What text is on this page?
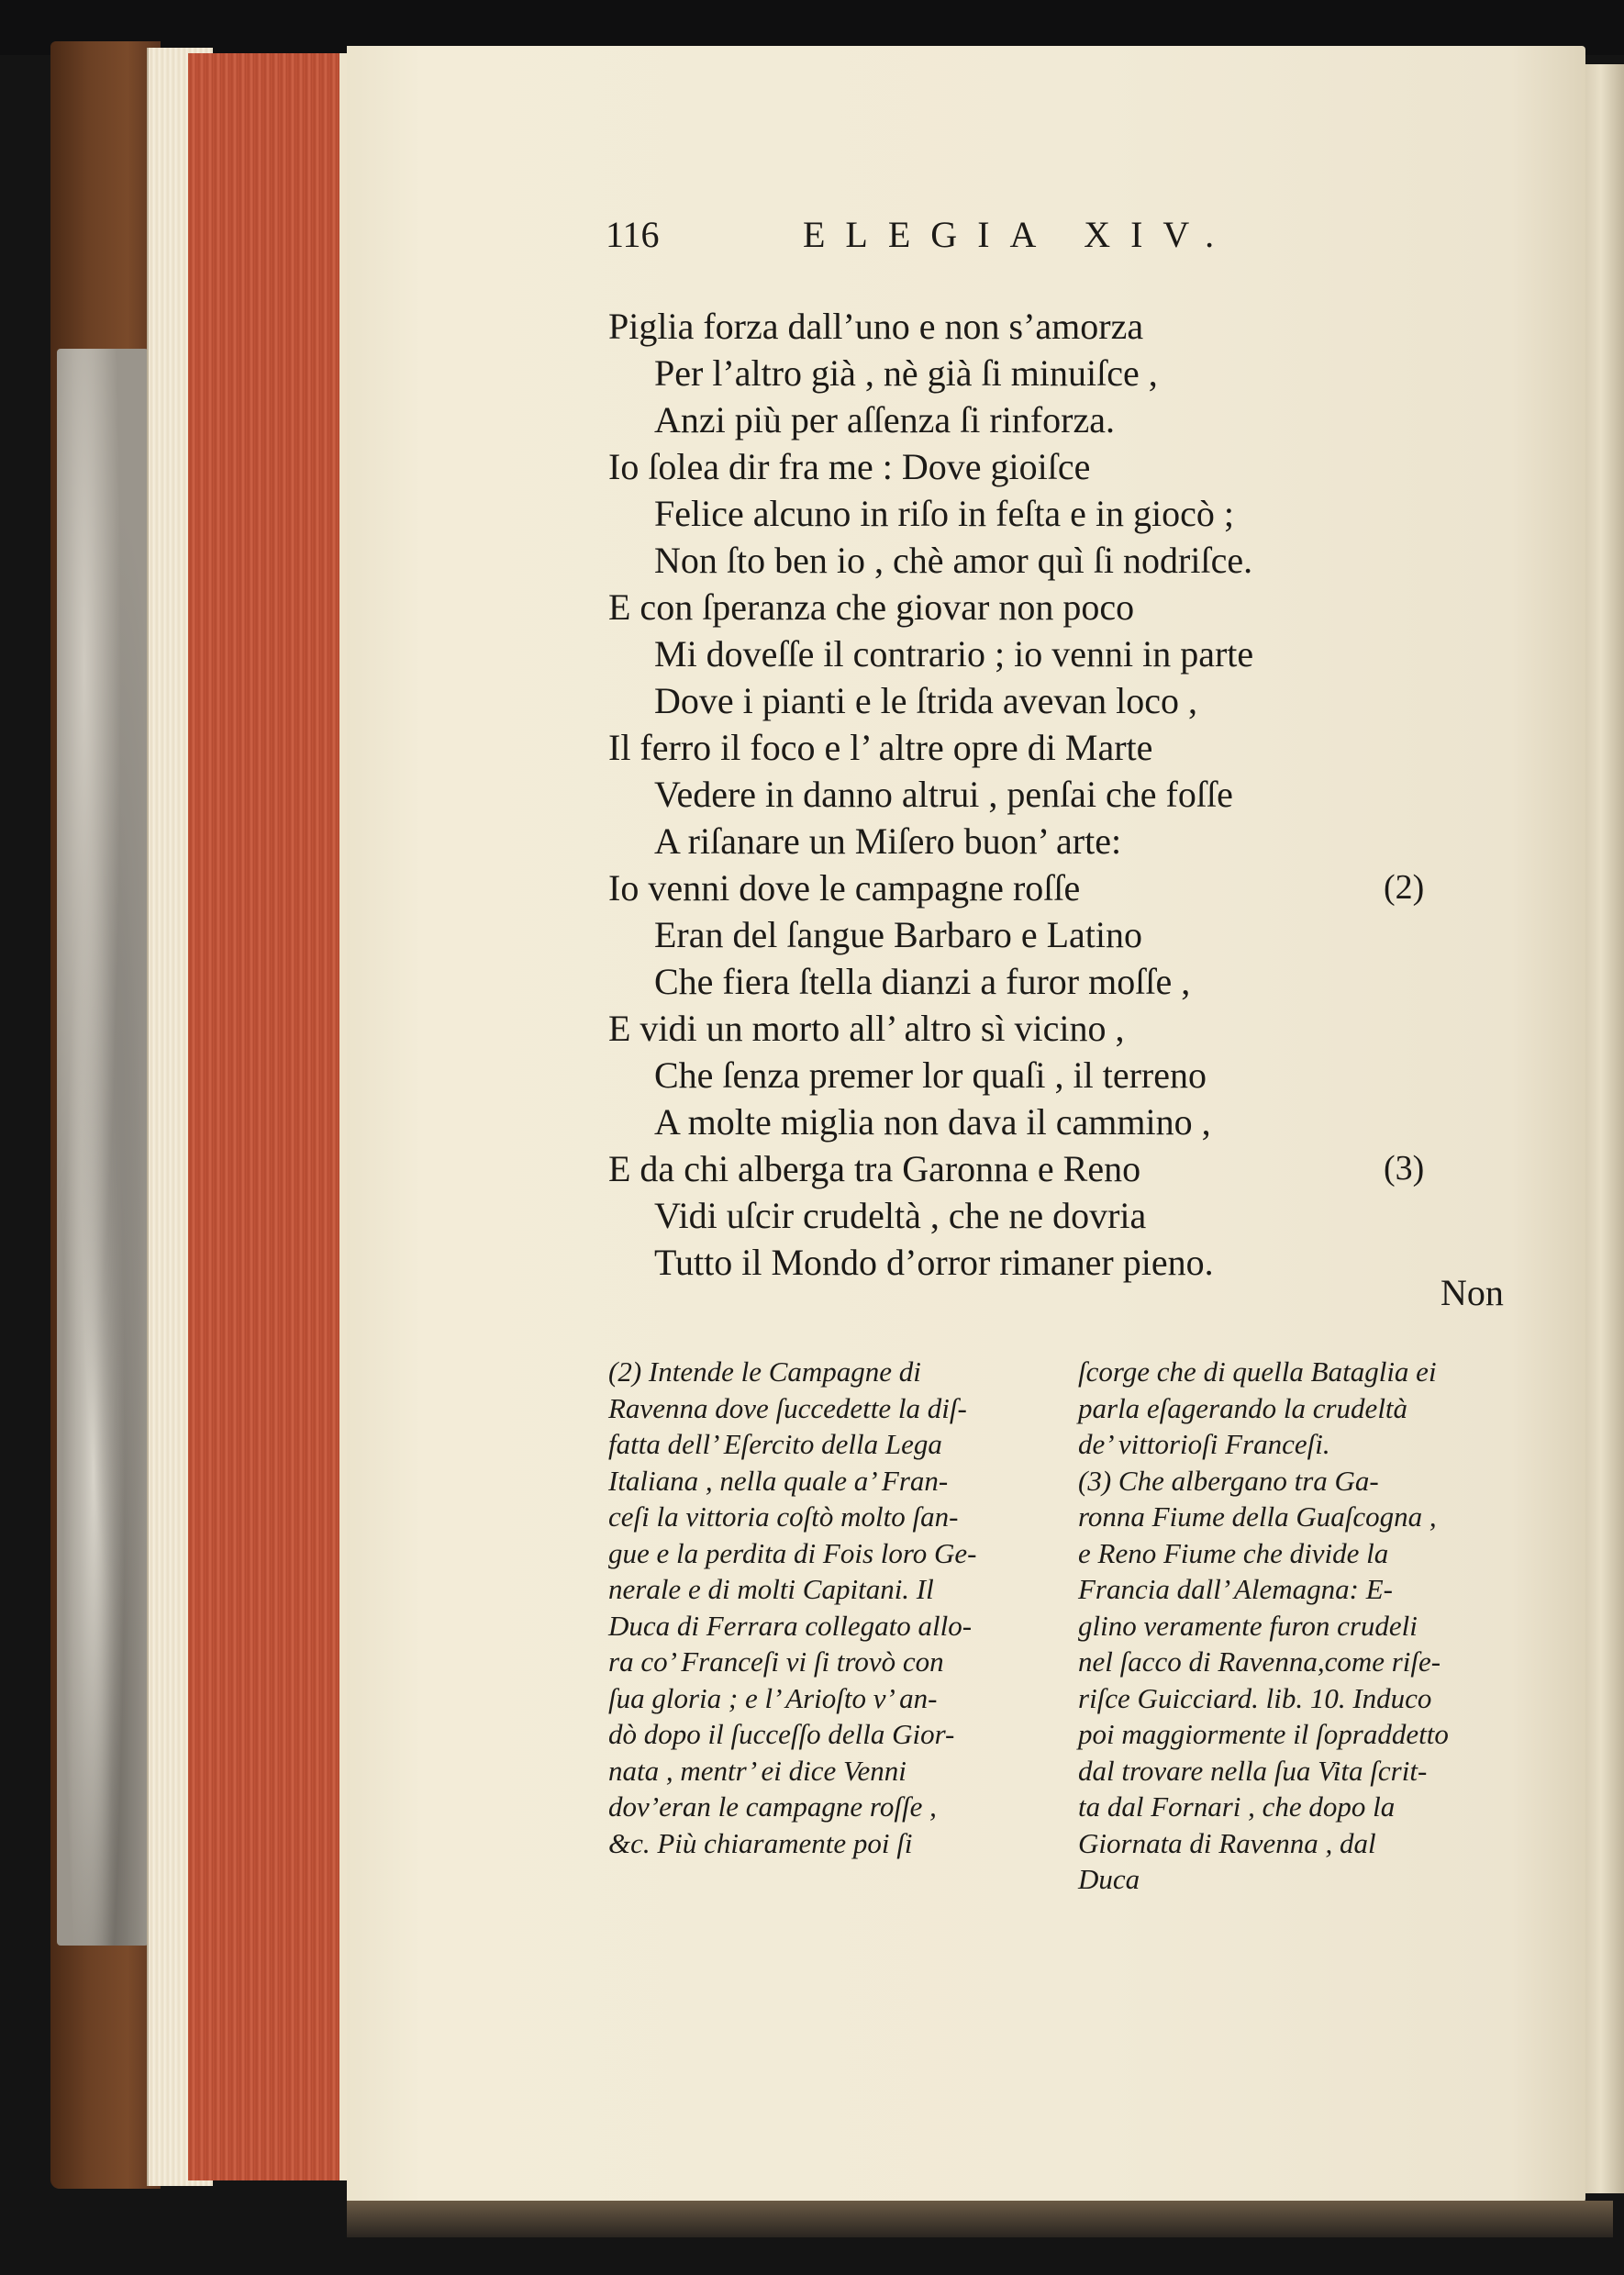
116	ELEGIA XIV.
Piglia forza dall’uno e non s’amorza
Per l’altro già , nè già ſi minuiſce ,
Anzi più per aſſenza ſi rinforza.
Io ſolea dir fra me : Dove gioiſce
Felice alcuno in riſo in feſta e in giocò ;
Non ſto ben io , chè amor quì ſi nodriſce.
E con ſperanza che giovar non poco
Mi doveſſe il contrario ; io venni in parte
Dove i pianti e le ſtrida avevan loco ,
Il ferro il foco e l’ altre opre di Marte
Vedere in danno altrui , penſai che foſſe
A riſanare un Miſero buon’ arte:
Io venni dove le campagne roſſe	(2)
Eran del ſangue Barbaro e Latino
Che fiera ſtella dianzi a furor moſſe ,
E vidi un morto all’ altro sì vicino ,
Che ſenza premer lor quaſi , il terreno
A molte miglia non dava il cammino ,
E da chi alberga tra Garonna e Reno	(3)
Vidi uſcir crudeltà , che ne dovria
Tutto il Mondo d’orror rimaner pieno.
Non
(2) Intende le Campagne di
Ravenna dove ſuccedette la diſ-
fatta dell’ Eſercito della Lega
Italiana , nella quale a’ Fran-
ceſi la vittoria coſtò molto ſan-
gue e la perdita di Fois loro Ge-
nerale e di molti Capitani. Il
Duca di Ferrara collegato allo-
ra co’ Franceſi vi ſi trovò con
ſua gloria ; e l’ Arioſto v’ an-
dò dopo il ſucceſſo della Gior-
nata , mentr’ ei dice Venni
dov’eran le campagne roſſe ,
&c. Più chiaramente poi ſi
ſcorge che di quella Bataglia ei
parla eſagerando la crudeltà
de’ vittorioſi Franceſi.
(3) Che albergano tra Ga-
ronna Fiume della Guaſcogna ,
e Reno Fiume che divide la
Francia dall’ Alemagna: E-
glino veramente furon crudeli
nel ſacco di Ravenna,come riſe-
riſce Guicciard. lib. 10. Induco
poi maggiormente il ſopraddetto
dal trovare nella ſua Vita ſcrit-
ta dal Fornari , che dopo la
Giornata di Ravenna , dal
Duca
